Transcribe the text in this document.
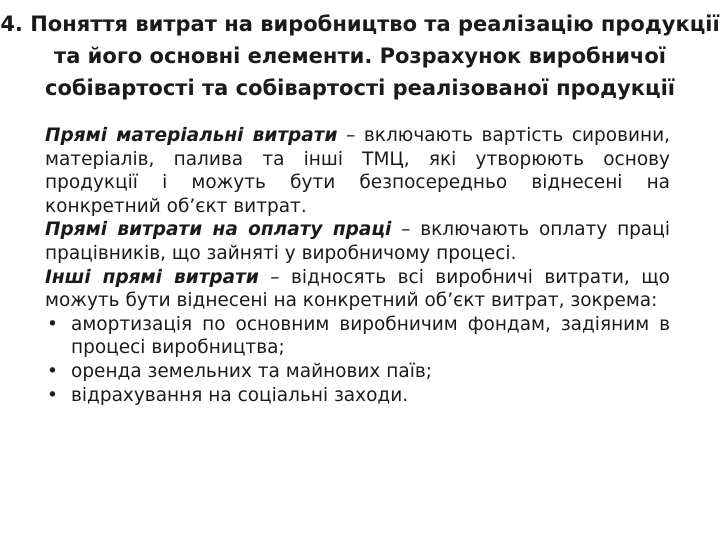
4. Поняття витрат на виробництво та реалізацію продукції
та його основні елементи. Розрахунок виробничої
собівартості та собівартості реалізованої продукції

Прямі матеріальні витрати – включають вартість сировини, матеріалів, палива та інші ТМЦ, які утворюють основу продукції і можуть бути безпосередньо віднесені на конкретний об’єкт витрат.

Прямі витрати на оплату праці – включають оплату праці працівників, що зайняті у виробничому процесі.

Інші прямі витрати – відносять всі виробничі витрати, що можуть бути віднесені на конкретний об’єкт витрат, зокрема:

• амортизація по основним виробничим фондам, задіяним в процесі виробництва;
• оренда земельних та майнових паїв;
• відрахування на соціальні заходи.
